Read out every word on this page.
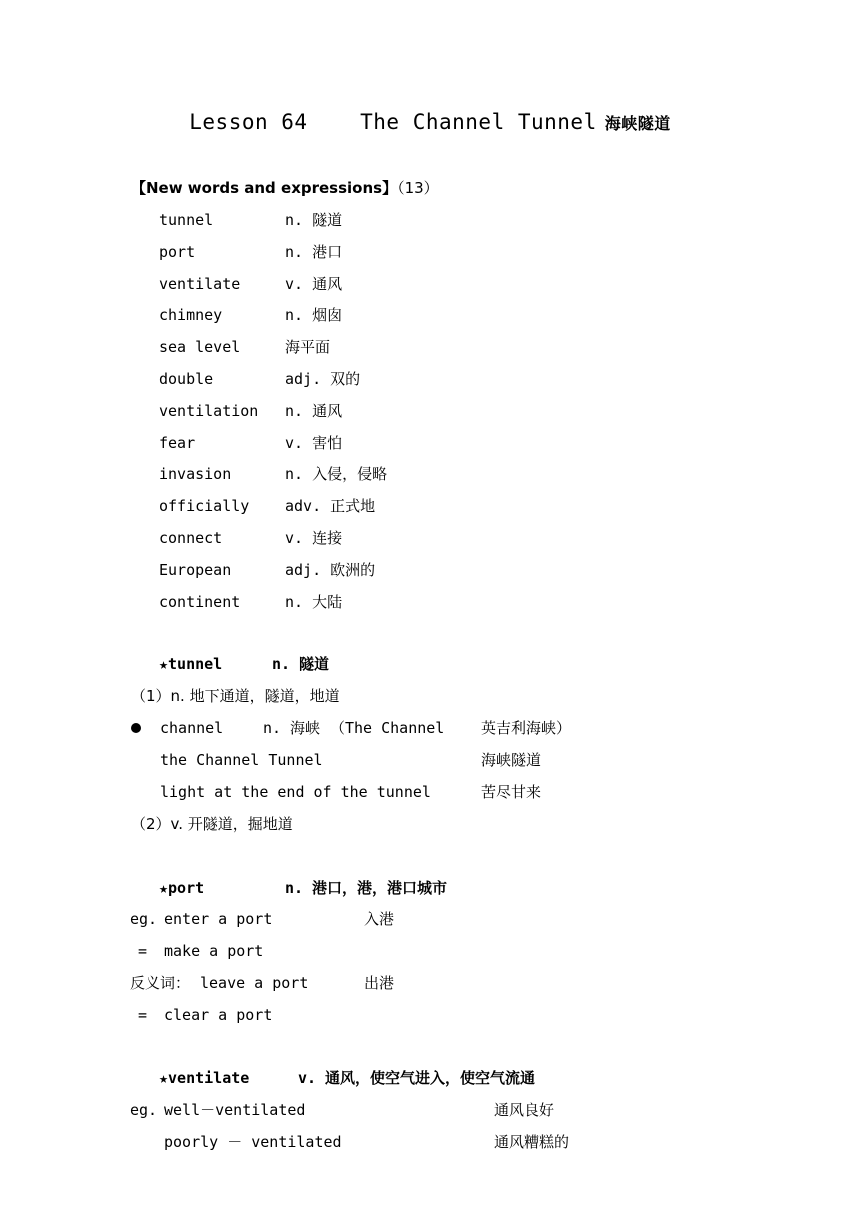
Lesson 64	The Channel Tunnel 海峡隧道
【New words and expressions】（13）
tunnel	n. 隧道
port	n. 港口
ventilate	v. 通风
chimney	n. 烟囱
sea level	海平面
double	adj. 双的
ventilation n. 通风
fear	v. 害怕
invasion	n. 入侵，侵略
officially adv. 正式地
connect	v. 连接
European	adj. 欧洲的
continent	n. 大陆
★tunnel	n. 隧道
（1）n. 地下通道，隧道，地道
channel	n. 海峡 （The Channel 英吉利海峡）
the Channel Tunnel	海峡隧道
light at the end of the tunnel	苦尽甘来
（2）v. 开隧道，掘地道
★port	n. 港口，港，港口城市
eg. enter a port	入港
= make a port
反义词： leave a port	出港
= clear a port
★ventilate	v. 通风，使空气进入，使空气流通
eg. well－ventilated	通风良好
poorly － ventilated	通风糟糕的
